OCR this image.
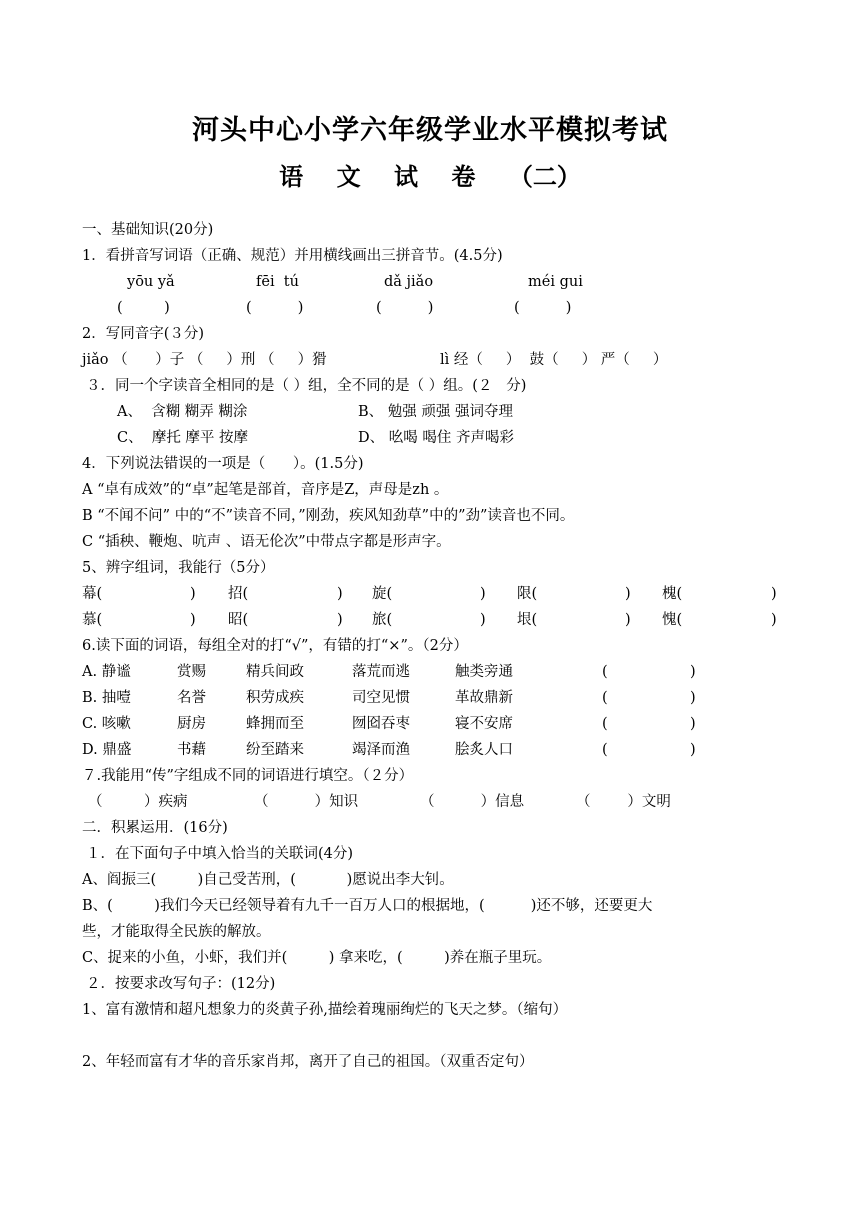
河头中心小学六年级学业水平模拟考试
语    文    试    卷    （二）
一、基础知识(20分)
1．看拼音写词语（正确、规范）并用横线画出三拼音节。(4.5分)
yōu yǎ	fēi  tú	dǎ jiǎo	méi gui
(         )	(          )	(          )	(          )
2．写同音字(３分)
jiǎo （      ）子 （     ）刑 （     ）猾	lì 经（     ）  鼓（     ） 严（     ）
３．同一个字读音全相同的是（ ）组，全不同的是（ ）组。(２   分)
A、  含糊 糊弄 糊涂	B、 勉强 顽强 强词夺理
C、  摩托 摩平 按摩	D、 吆喝 喝住 齐声喝彩
4．下列说法错误的一项是（      ）。(1.5分)
A “卓有成效”的“卓”起笔是部首，音序是Z，声母是zh 。
B “不闻不问” 中的“不”读音不同，”刚劲，疾风知劲草”中的”劲”读音也不同。
C “插秧、鞭炮、吭声 、语无伦次”中带点字都是形声字。
5、辨字组词，我能行（5分）
幕(	) 招(	) 旋(	) 限(	) 槐(	)
慕(	) 昭(	) 旅(	) 垠(	) 愧(	)
6.读下面的词语，每组全对的打“√”，有错的打“×”。（2分）
A. 静谧	赏赐	精兵间政	落荒而逃	触类旁通	(	)
B. 抽噎	名誉	积劳成疾	司空见惯	革故鼎新	(	)
C. 咳嗽	厨房	蜂拥而至	囫囵吞枣	寝不安席	(	)
D. 鼎盛	书藉	纷至踏来	竭泽而渔	脍炙人口	(	)
７.我能用“传”字组成不同的词语进行填空。（２分）
（         ）疾病	（          ）知识	（          ）信息	（        ）文明
二．积累运用．(16分)
１．在下面句子中填入恰当的关联词(4分)
A、阎振三(         )自己受苦刑，(           )愿说出李大钊。
B、(         )我们今天已经领导着有九千一百万人口的根据地，(          )还不够，还要更大
些，才能取得全民族的解放。
C、捉来的小鱼，小虾，我们并(         ) 拿来吃，(         )养在瓶子里玩。
２．按要求改写句子：(12分)
1、富有激情和超凡想象力的炎黄子孙,描绘着瑰丽绚烂的飞天之梦。（缩句）
2、年轻而富有才华的音乐家肖邦，离开了自己的祖国。（双重否定句）
